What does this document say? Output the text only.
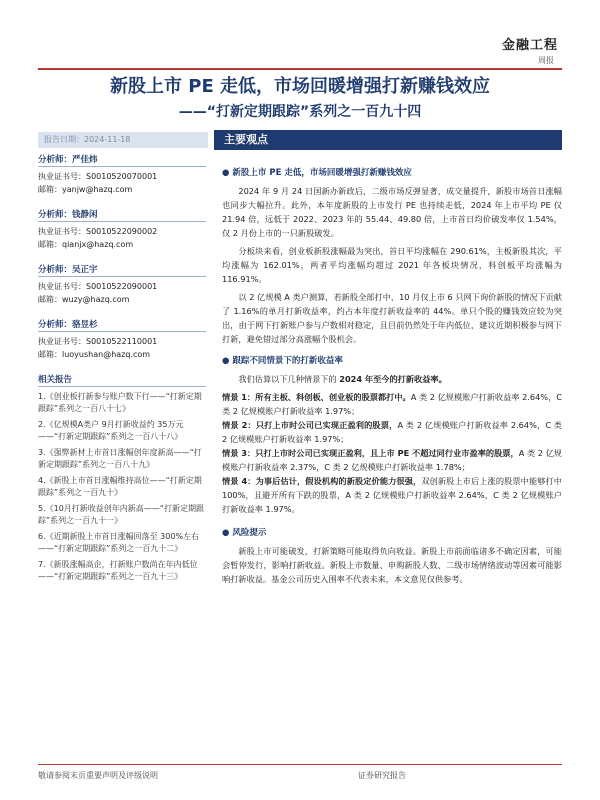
金融工程
周报
新股上市 PE 走低，市场回暖增强打新赚钱效应
——“打新定期跟踪”系列之一百九十四
报告日期：2024-11-18	主要观点
分析师：严佳炜
执业证书号：S0010520070001
邮箱：yanjw@hazq.com
分析师：钱静闲
执业证书号：S0010522090002
邮箱：qianjx@hazq.com
分析师：吴正宇
执业证书号：S0010522090001
邮箱：wuzy@hazq.com
分析师：骆昱杉
执业证书号：S0010522110001
邮箱：luoyushan@hazq.com
相关报告
1.《创业板打新参与账户数下行——“打新定期跟踪”系列之一百八十七》
2.《亿规模A类户 9月打新收益约 35万元——“打新定期跟踪”系列之一百八十八》
3.《强弊新材上市首日涨幅创年度新高——“打新定期跟踪”系列之一百八十九》
4.《新股上市首日涨幅维持高位——“打新定期跟踪”系列之一百九十》
5.《10月打新收益创年内新高——“打新定期跟踪”系列之一百九十一》
6.《近期新股上市首日涨幅回落至 300%左右——“打新定期跟踪”系列之一百九十二》
7.《新股涨幅高企，打新账户数尚在年内低位——“打新定期跟踪”系列之一百九十三》
● 新股上市 PE 走低，市场回暖增强打新赚钱效应

2024 年 9 月 24 日国新办新政后，二级市场反弹显著，成交量提升，新股市场首日涨幅也同步大幅拉升。此外，本年度新股的上市发行 PE 也持续走低，2024 年上市平均 PE 仅 21.94 倍，远低于 2022、2023 年的 55.44、49.80 倍，上市首日均价破发率仅 1.54%，仅 2 月份上市的一只新股破发。

分板块来看，创业板新股涨幅最为突出，首日平均涨幅在 290.61%，主板新股其次，平均涨幅为 162.01%，两者平均涨幅均超过 2021 年各板块情况，科创板平均涨幅为 116.91%。

以 2 亿规模 A 类户测算，若新股全部打中，10 月仅上市 6 只网下询价新股的情况下贡献了 1.16%的单月打新收益率，约占本年度打新收益率的 44%。单只个股的赚钱效应较为突出，由于网下打新账户参与户数相对稳定，且目前仍然处于年内低位，建议近期积极参与网下打新，避免错过部分高涨幅个股机会。

● 跟踪不同情景下的打新收益率

我们估算以下几种情景下的 2024 年至今的打新收益率。

情景 1：所有主板、科创板、创业板的股票都打中。A 类 2 亿规模账户打新收益率 2.64%，C 类 2 亿规模账户打新收益率 1.97%；

情景 2：只打上市时公司已实现正盈利的股票，A 类 2 亿规模账户打新收益率 2.64%，C 类 2 亿规模账户打新收益率 1.97%；

情景 3：只打上市时公司已实现正盈利，且上市 PE 不超过同行业市盈率的股票，A 类 2 亿规模账户打新收益率 2.37%，C 类 2 亿规模账户打新收益率 1.78%；

情景 4：为事后估计，假设机构的新股定价能力很强，双创新股上市后上涨的股票中能够打中 100%，且避开所有下跌的股票，A 类 2 亿规模账户打新收益率 2.64%，C 类 2 亿规模账户打新收益率 1.97%。

● 风险提示

新股上市可能破发，打新策略可能取得负向收益。新股上市前面临诸多不确定因素，可能会暂停发行，影响打新收益。新股上市数量、申购新股人数、二级市场情绪波动等因素可能影响打新收益。基金公司历史入围率不代表未来，本文意见仅供参考。

敬请参阅末页重要声明及评级说明	证券研究报告
